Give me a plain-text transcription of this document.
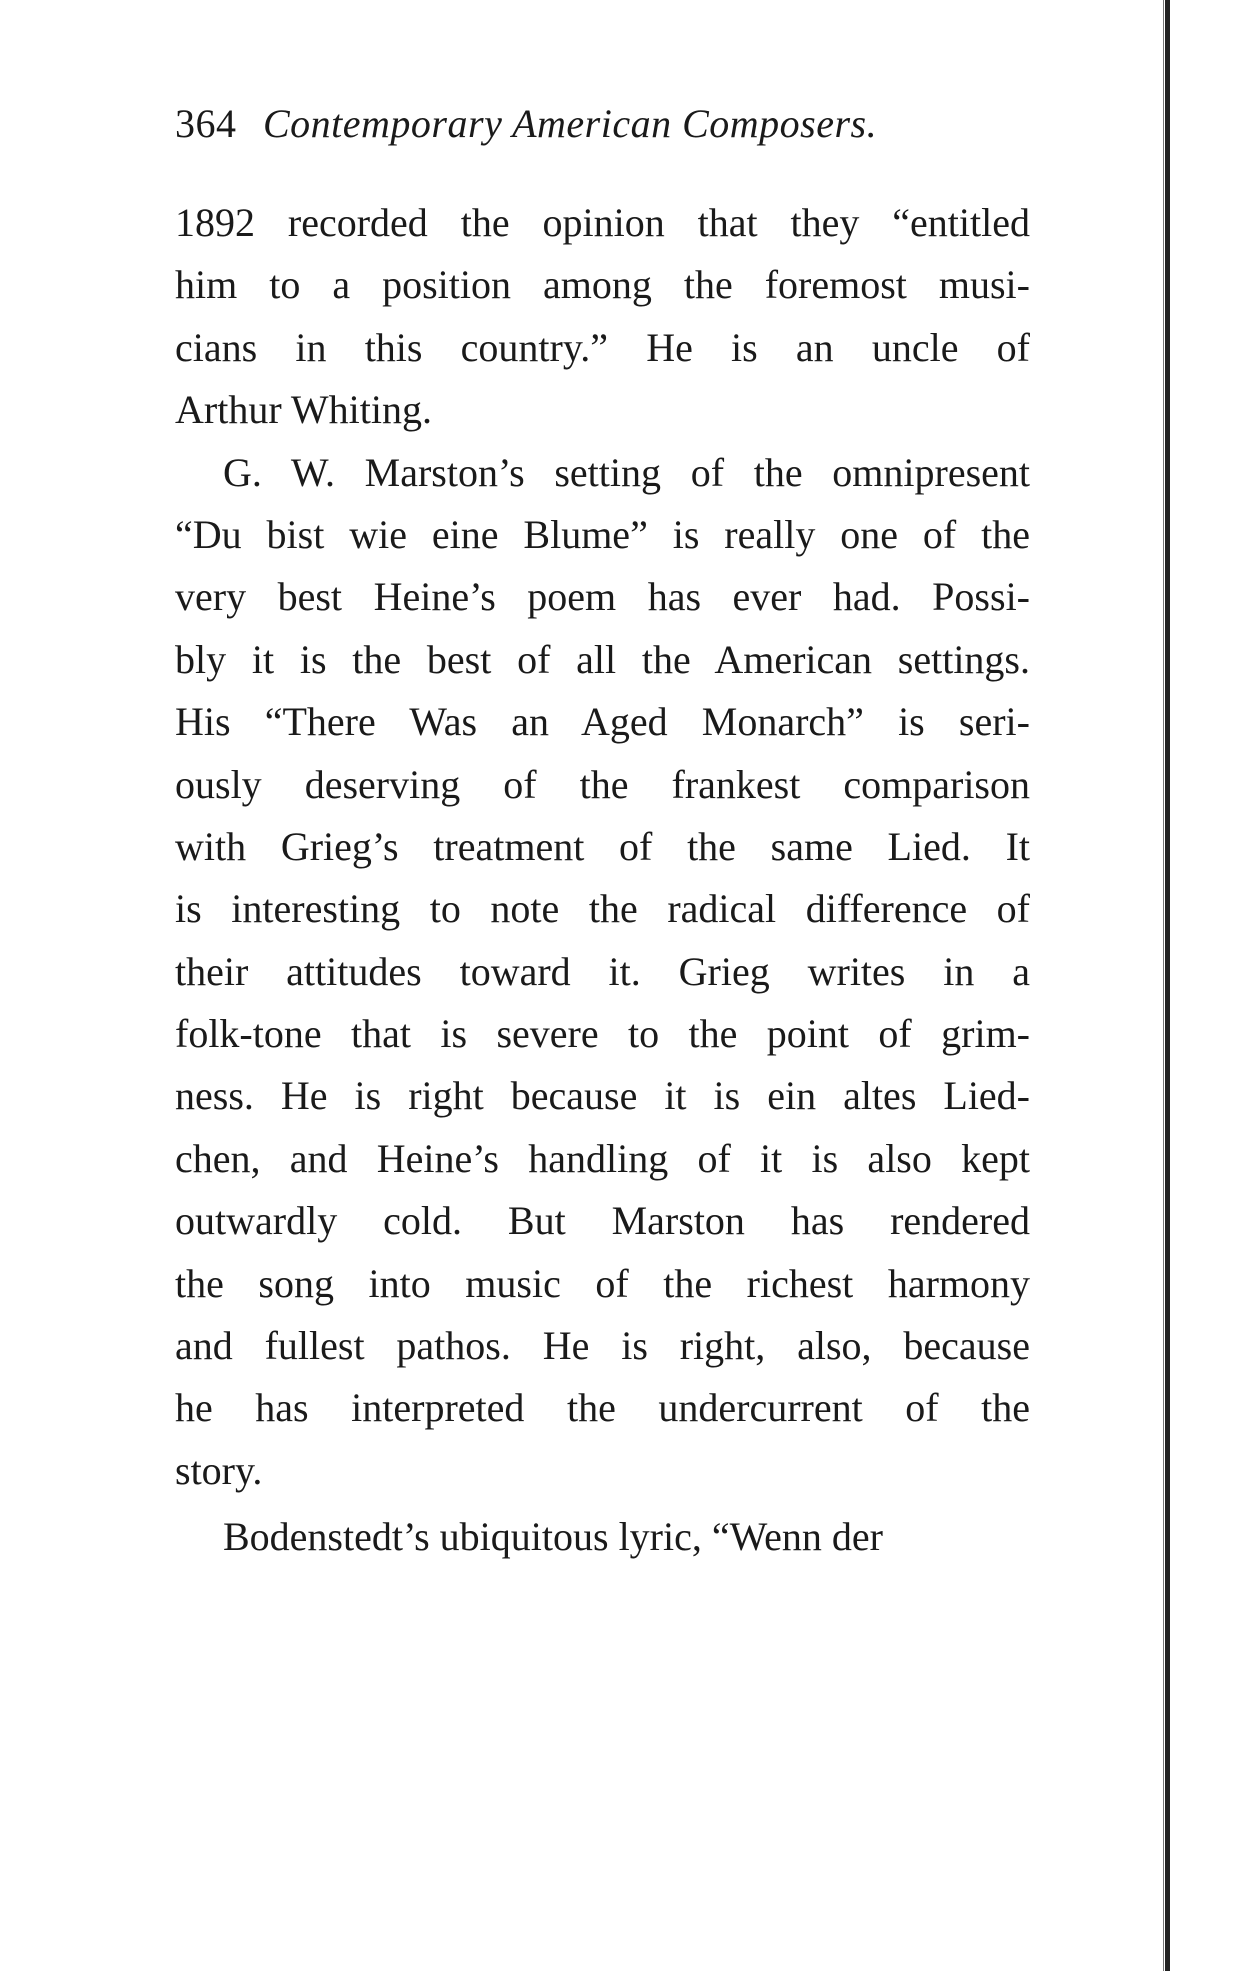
364 Contemporary American Composers.
1892 recorded the opinion that they “entitled
him to a position among the foremost musi-
cians in this country.” He is an uncle of
Arthur Whiting.
G. W. Marston’s setting of the omnipresent
“Du bist wie eine Blume” is really one of the
very best Heine’s poem has ever had. Possi-
bly it is the best of all the American settings.
His “There Was an Aged Monarch” is seri-
ously deserving of the frankest comparison
with Grieg’s treatment of the same Lied. It
is interesting to note the radical difference of
their attitudes toward it. Grieg writes in a
folk-tone that is severe to the point of grim-
ness. He is right because it is ein altes Lied-
chen, and Heine’s handling of it is also kept
outwardly cold. But Marston has rendered
the song into music of the richest harmony
and fullest pathos. He is right, also, because
he has interpreted the undercurrent of the
story.
Bodenstedt’s ubiquitous lyric, “Wenn der
